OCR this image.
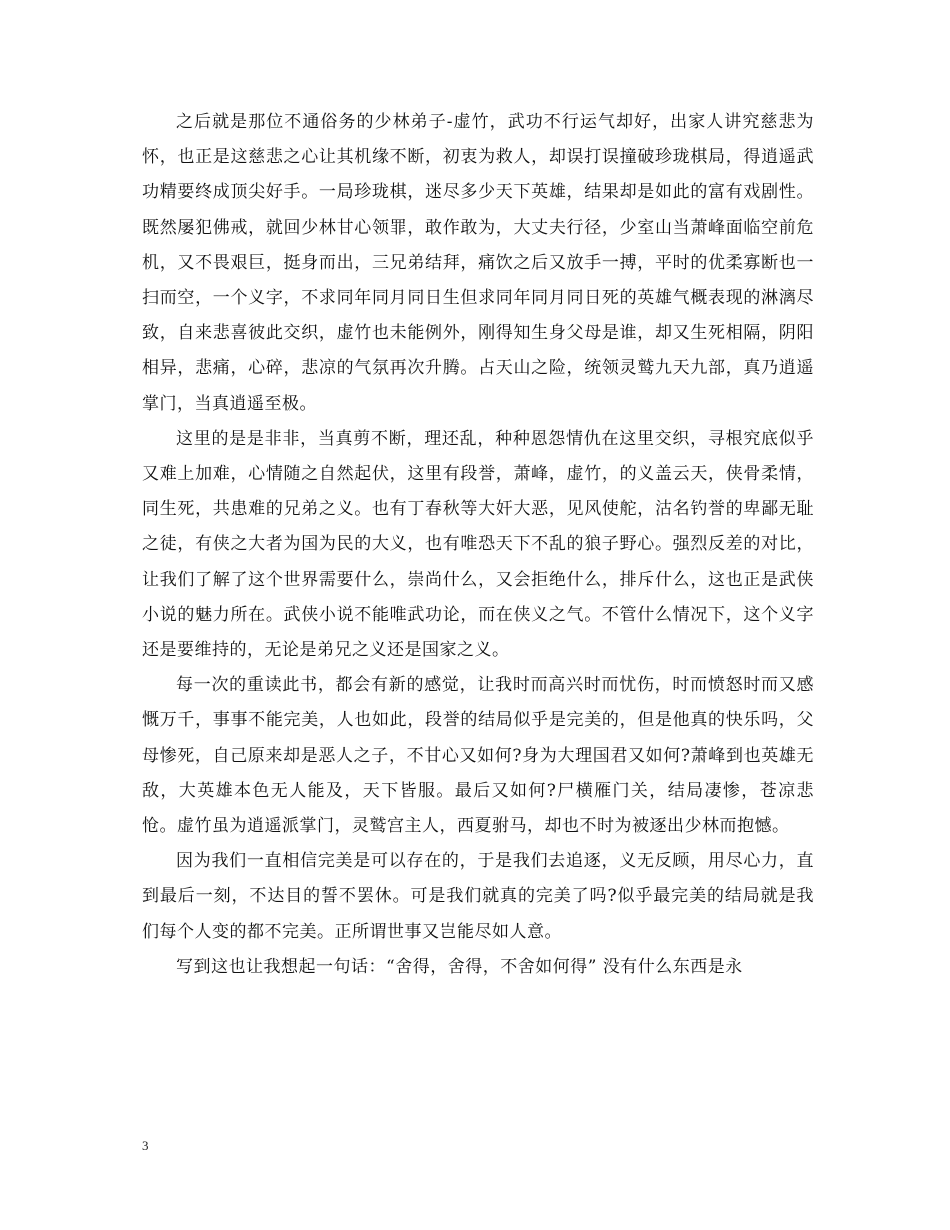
之后就是那位不通俗务的少林弟子-虚竹，武功不行运气却好，出家人讲究慈悲为怀，也正是这慈悲之心让其机缘不断，初衷为救人，却误打误撞破珍珑棋局，得逍遥武功精要终成顶尖好手。一局珍珑棋，迷尽多少天下英雄，结果却是如此的富有戏剧性。既然屡犯佛戒，就回少林甘心领罪，敢作敢为，大丈夫行径，少室山当萧峰面临空前危机，又不畏艰巨，挺身而出，三兄弟结拜，痛饮之后又放手一搏，平时的优柔寡断也一扫而空，一个义字，不求同年同月同日生但求同年同月同日死的英雄气概表现的淋漓尽致，自来悲喜彼此交织，虚竹也未能例外，刚得知生身父母是谁，却又生死相隔，阴阳相异，悲痛，心碎，悲凉的气氛再次升腾。占天山之险，统领灵鹫九天九部，真乃逍遥掌门，当真逍遥至极。

这里的是是非非，当真剪不断，理还乱，种种恩怨情仇在这里交织，寻根究底似乎又难上加难，心情随之自然起伏，这里有段誉，萧峰，虚竹，的义盖云天，侠骨柔情，同生死，共患难的兄弟之义。也有丁春秋等大奸大恶，见风使舵，沽名钓誉的卑鄙无耻之徒，有侠之大者为国为民的大义，也有唯恐天下不乱的狼子野心。强烈反差的对比，让我们了解了这个世界需要什么，崇尚什么，又会拒绝什么，排斥什么，这也正是武侠小说的魅力所在。武侠小说不能唯武功论，而在侠义之气。不管什么情况下，这个义字还是要维持的，无论是弟兄之义还是国家之义。

每一次的重读此书，都会有新的感觉，让我时而高兴时而忧伤，时而愤怒时而又感慨万千，事事不能完美，人也如此，段誉的结局似乎是完美的，但是他真的快乐吗，父母惨死，自己原来却是恶人之子，不甘心又如何?身为大理国君又如何?萧峰到也英雄无敌，大英雄本色无人能及，天下皆服。最后又如何?尸横雁门关，结局凄惨，苍凉悲怆。虚竹虽为逍遥派掌门，灵鹫宫主人，西夏驸马，却也不时为被逐出少林而抱憾。

因为我们一直相信完美是可以存在的，于是我们去追逐，义无反顾，用尽心力，直到最后一刻，不达目的誓不罢休。可是我们就真的完美了吗?似乎最完美的结局就是我们每个人变的都不完美。正所谓世事又岂能尽如人意。

写到这也让我想起一句话：“舍得，舍得，不舍如何得” 没有什么东西是永

3
